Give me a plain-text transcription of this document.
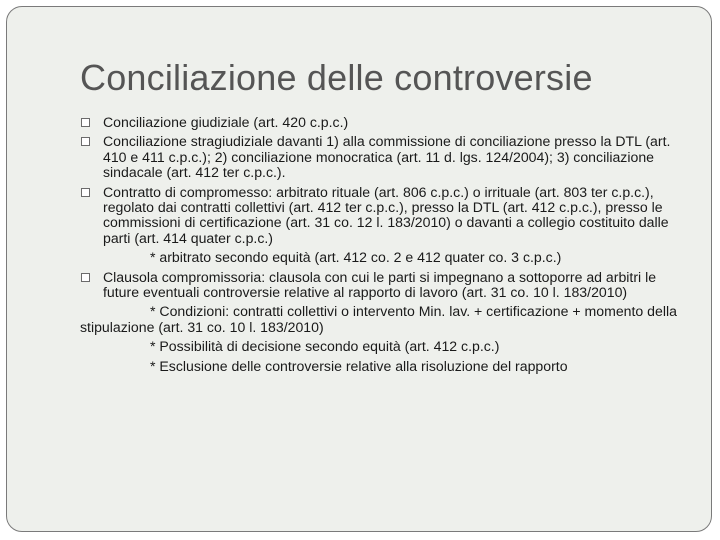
Conciliazione delle controversie
Conciliazione giudiziale (art. 420 c.p.c.)
Conciliazione stragiudiziale davanti 1) alla commissione di conciliazione presso la DTL (art. 410 e 411 c.p.c.); 2) conciliazione monocratica (art. 11 d. lgs. 124/2004); 3) conciliazione sindacale (art. 412 ter c.p.c.).
Contratto di compromesso: arbitrato rituale (art. 806 c.p.c.) o irrituale (art. 803 ter c.p.c.), regolato dai contratti collettivi (art. 412 ter c.p.c.), presso la DTL (art. 412 c.p.c.), presso le commissioni di certificazione (art. 31 co. 12 l. 183/2010) o davanti a collegio costituito dalle parti (art. 414 quater c.p.c.)
* arbitrato secondo equità (art. 412 co. 2 e 412 quater co. 3 c.p.c.)
Clausola compromissoria: clausola con cui le parti si impegnano a sottoporre ad arbitri le future eventuali controversie relative al rapporto di lavoro (art. 31 co. 10 l. 183/2010)
* Condizioni: contratti collettivi o intervento Min. lav. + certificazione + momento della stipulazione (art. 31 co. 10 l. 183/2010)
* Possibilità di decisione secondo equità (art. 412 c.p.c.)
* Esclusione delle controversie relative alla risoluzione del rapporto
